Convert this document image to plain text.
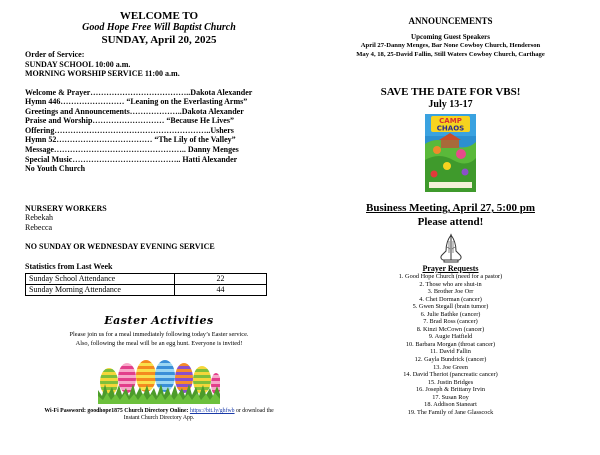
WELCOME TO
Good Hope Free Will Baptist Church
SUNDAY, April 20, 2025
Order of Service:
SUNDAY SCHOOL 10:00 a.m.
MORNING WORSHIP SERVICE 11:00 a.m.
Welcome & Prayer………………………………..Dakota Alexander
Hymn 446…………………… “Leaning on the Everlasting Arms”
Greetings and Announcements………………..Dakota Alexander
Praise and Worship……………………… “Because He Lives”
Offering…………………………………………………..Ushers
Hymn 52……………………………… “The Lily of the Valley”
Message………………………………………….. Danny Menges
Special Music………………………………….. Hatti Alexander
No Youth Church
NURSERY WORKERS
Rebekah
Rebecca
NO SUNDAY OR WEDNESDAY EVENING SERVICE
Statistics from Last Week
Sunday School Attendance	22
Sunday Morning Attendance	44
Easter Activities
Please join us for a meal immediately following today’s Easter service.
Also, following the meal will be an egg hunt. Everyone is invited!
Wi-Fi Password: goodhope1875 Church Directory Online: https://bit.ly/ghfwb or download the
Instant Church Directory App.
ANNOUNCEMENTS
Upcoming Guest Speakers
April 27-Danny Menges, Bar None Cowboy Church, Henderson
May 4, 18, 25-David Fallin, Still Waters Cowboy Church, Carthage
SAVE THE DATE FOR VBS!
July 13-17
CAMP
CHAOS
Business Meeting, April 27, 5:00 pm
Please attend!
Prayer Requests
1. Good Hope Church (need for a pastor)
2. Those who are shut-in
3. Brother Joe Orr
4. Chet Dorman (cancer)
5. Gwen Stegall (brain tumor)
6. Julie Bathke (cancer)
7. Brad Ross (cancer)
8. Kinzi McCown (cancer)
9. Augie Hatfield
10. Barbara Morgan (throat cancer)
11. David Fallin
12. Gayla Bundrick (cancer)
13. Joe Green
14. David Theriot (pancreatic cancer)
15. Justin Bridges
16. Joseph & Brittany Irvin
17. Susan Roy
18. Addison Staneart
19. The Family of Jane Glasscock
